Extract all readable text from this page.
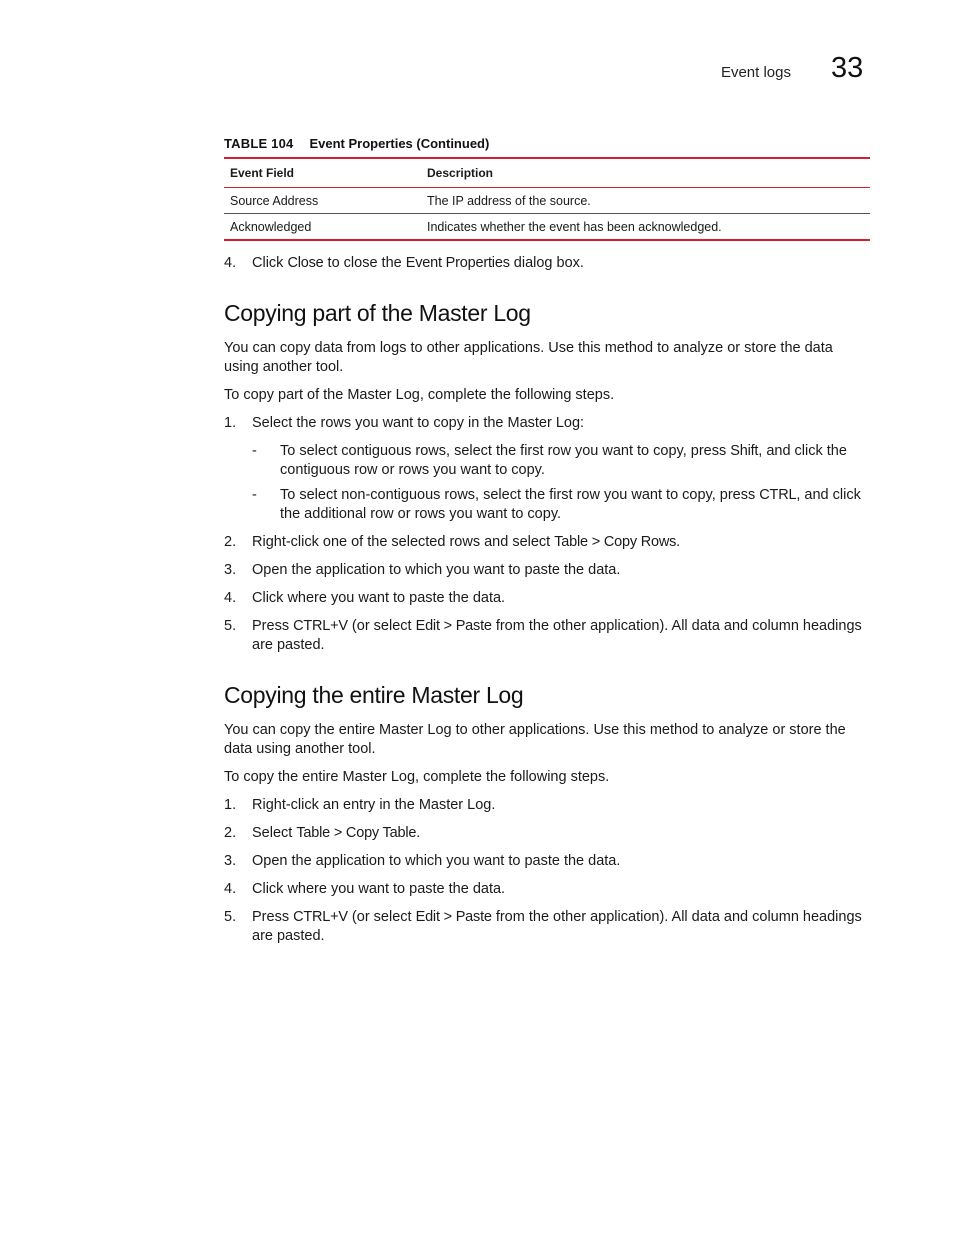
Event logs 33
TABLE 104 Event Properties (Continued)
Event Field	Description
Source Address	The IP address of the source.
Acknowledged	Indicates whether the event has been acknowledged.
4. Click Close to close the Event Properties dialog box.
Copying part of the Master Log
You can copy data from logs to other applications. Use this method to analyze or store the data using another tool.
To copy part of the Master Log, complete the following steps.
1. Select the rows you want to copy in the Master Log:
- To select contiguous rows, select the first row you want to copy, press Shift, and click the contiguous row or rows you want to copy.
- To select non-contiguous rows, select the first row you want to copy, press CTRL, and click the additional row or rows you want to copy.
2. Right-click one of the selected rows and select Table > Copy Rows.
3. Open the application to which you want to paste the data.
4. Click where you want to paste the data.
5. Press CTRL+V (or select Edit > Paste from the other application). All data and column headings are pasted.
Copying the entire Master Log
You can copy the entire Master Log to other applications. Use this method to analyze or store the data using another tool.
To copy the entire Master Log, complete the following steps.
1. Right-click an entry in the Master Log.
2. Select Table > Copy Table.
3. Open the application to which you want to paste the data.
4. Click where you want to paste the data.
5. Press CTRL+V (or select Edit > Paste from the other application). All data and column headings are pasted.
